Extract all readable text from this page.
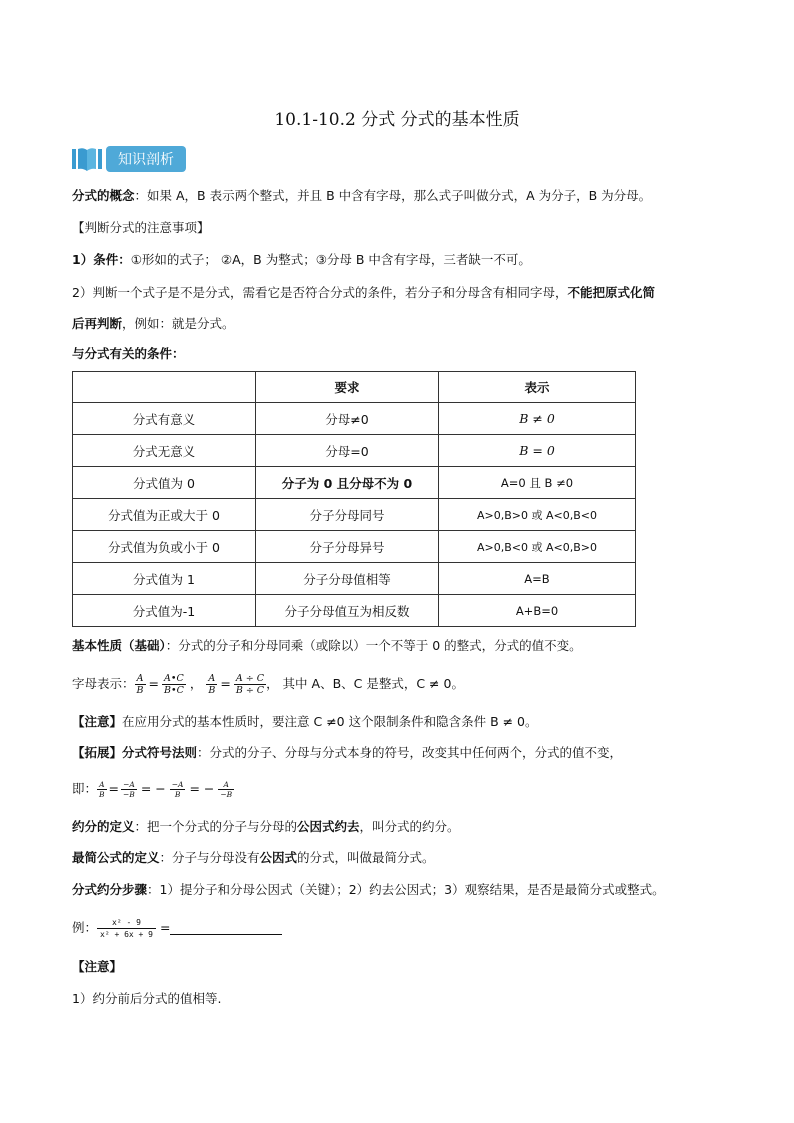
10.1-10.2 分式 分式的基本性质
知识剖析
分式的概念：如果 A，B 表示两个整式，并且 B 中含有字母，那么式子叫做分式，A 为分子，B 为分母。
【判断分式的注意事项】
1）条件：①形如的式子； ②A，B 为整式；③分母 B 中含有字母，三者缺一不可。
2）判断一个式子是不是分式，需看它是否符合分式的条件，若分子和分母含有相同字母，不能把原式化简
后再判断，例如：就是分式。
与分式有关的条件：
	要求	表示
分式有意义	分母≠0	B ≠ 0
分式无意义	分母=0	B = 0
分式值为 0	分子为 0 且分母不为 0	A=0 且 B ≠0
分式值为正或大于 0	分子分母同号	A>0,B>0 或 A<0,B<0
分式值为负或小于 0	分子分母异号	A>0,B<0 或 A<0,B>0
分式值为 1	分子分母值相等	A=B
分式值为-1	分子分母值互为相反数	A+B=0
基本性质（基础）：分式的分子和分母同乘（或除以）一个不等于 0 的整式，分式的值不变。
字母表示： $\frac{A}{B} = \frac{A•C}{B•C}$ ， $\frac{A}{B} = \frac{A \div C}{B \div C}$ ， 其中 A、B、C 是整式，C ≠ 0。
【注意】在应用分式的基本性质时，要注意 C ≠0 这个限制条件和隐含条件 B ≠ 0。
【拓展】分式符号法则：分式的分子、分母与分式本身的符号，改变其中任何两个，分式的值不变，
即： $\frac{A}{B} = \frac{-A}{-B}$ = − $\frac{-A}{B}$ = − $\frac{A}{-B}$
约分的定义：把一个分式的分子与分母的公因式约去，叫分式的约分。
最简公式的定义：分子与分母没有公因式的分式，叫做最简分式。
分式约分步骤：1）提分子和分母公因式（关键）；2）约去公因式；3）观察结果，是否是最简分式或整式。
例： $\frac{\text{x² - 9}}{\text{x² + 6x + 9}}$ =
【注意】
1）约分前后分式的值相等.
